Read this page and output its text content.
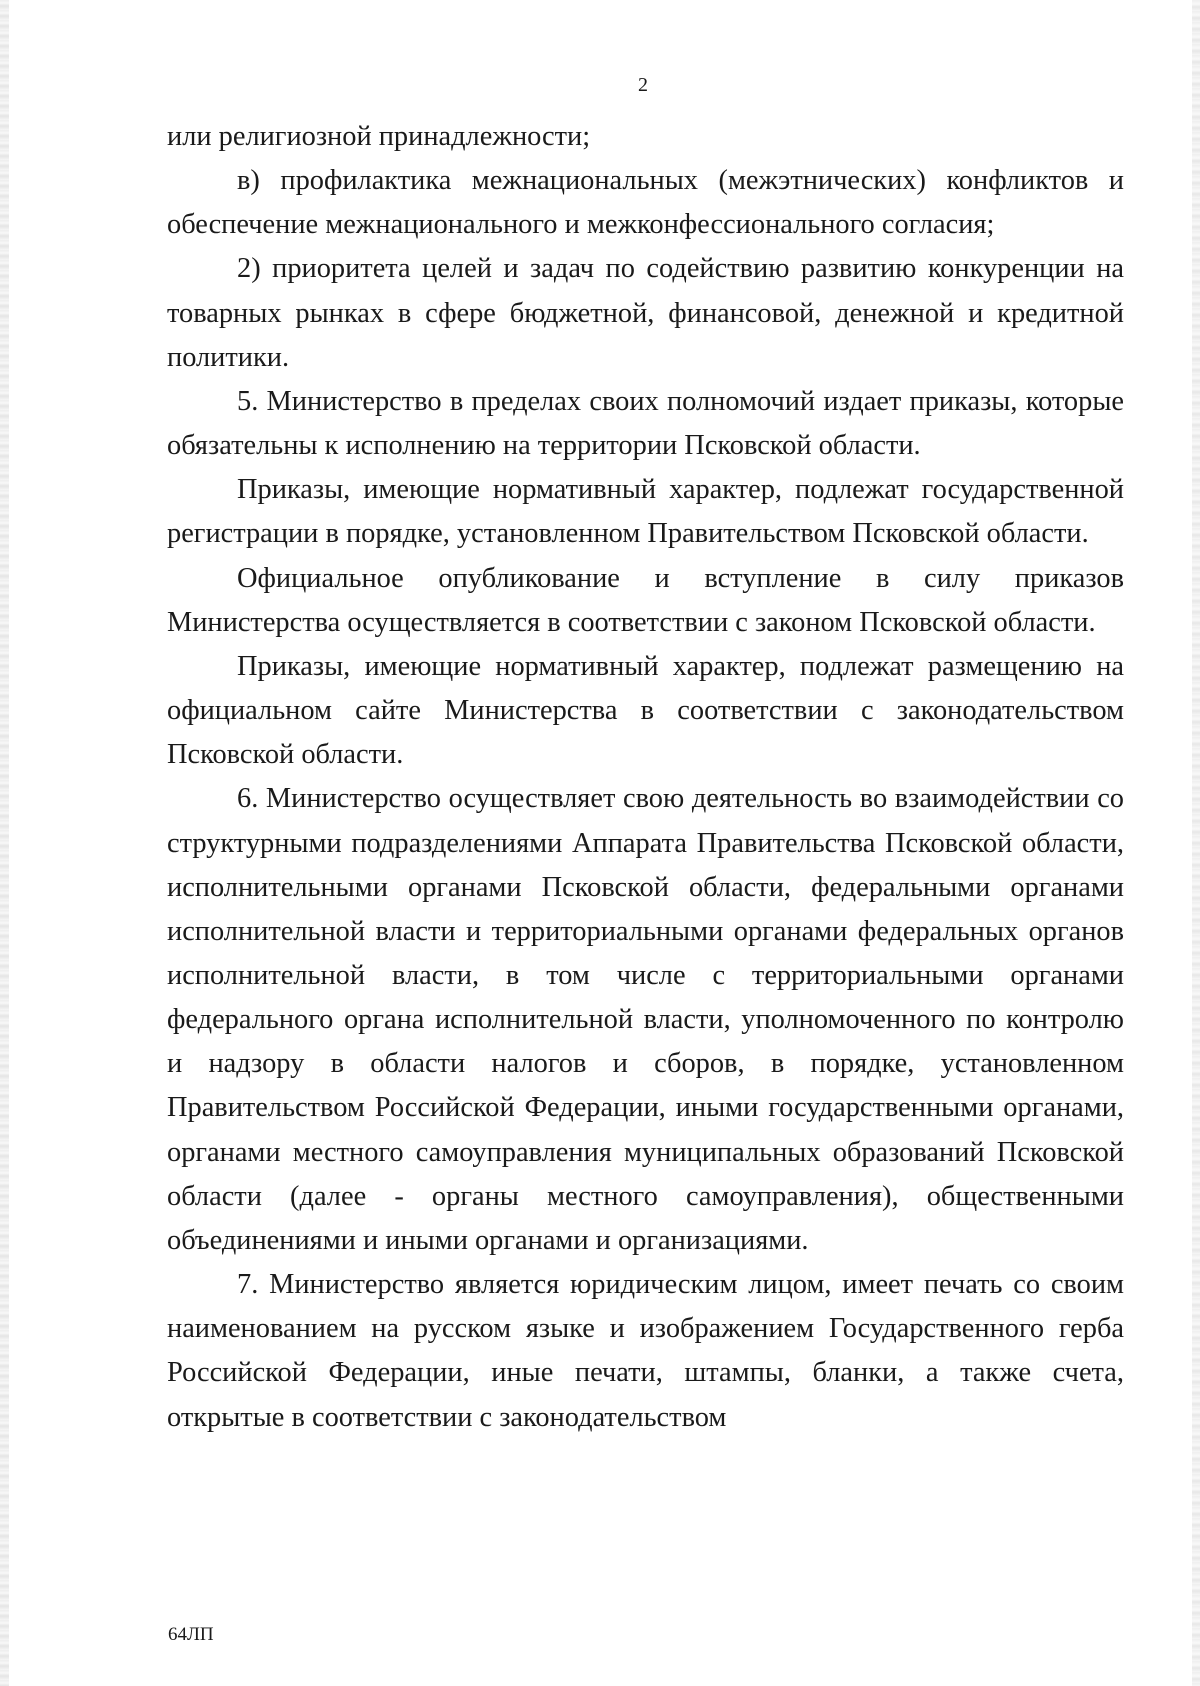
2

или религиозной принадлежности;

в) профилактика межнациональных (межэтнических) конфликтов и обеспечение межнационального и межконфессионального согласия;

2) приоритета целей и задач по содействию развитию конкуренции на товарных рынках в сфере бюджетной, финансовой, денежной и кредитной политики.

5. Министерство в пределах своих полномочий издает приказы, которые обязательны к исполнению на территории Псковской области.

Приказы, имеющие нормативный характер, подлежат государственной регистрации в порядке, установленном Правительством Псковской области.

Официальное опубликование и вступление в силу приказов Министерства осуществляется в соответствии с законом Псковской области.

Приказы, имеющие нормативный характер, подлежат размещению на официальном сайте Министерства в соответствии с законодательством Псковской области.

6. Министерство осуществляет свою деятельность во взаимодействии со структурными подразделениями Аппарата Правительства Псковской области, исполнительными органами Псковской области, федеральными органами исполнительной власти и территориальными органами федеральных органов исполнительной власти, в том числе с территориальными органами федерального органа исполнительной власти, уполномоченного по контролю и надзору в области налогов и сборов, в порядке, установленном Правительством Российской Федерации, иными государственными органами, органами местного самоуправления муниципальных образований Псковской области (далее - органы местного самоуправления), общественными объединениями и иными органами и организациями.

7. Министерство является юридическим лицом, имеет печать со своим наименованием на русском языке и изображением Государственного герба Российской Федерации, иные печати, штампы, бланки, а также счета, открытые в соответствии с законодательством

64ЛП
